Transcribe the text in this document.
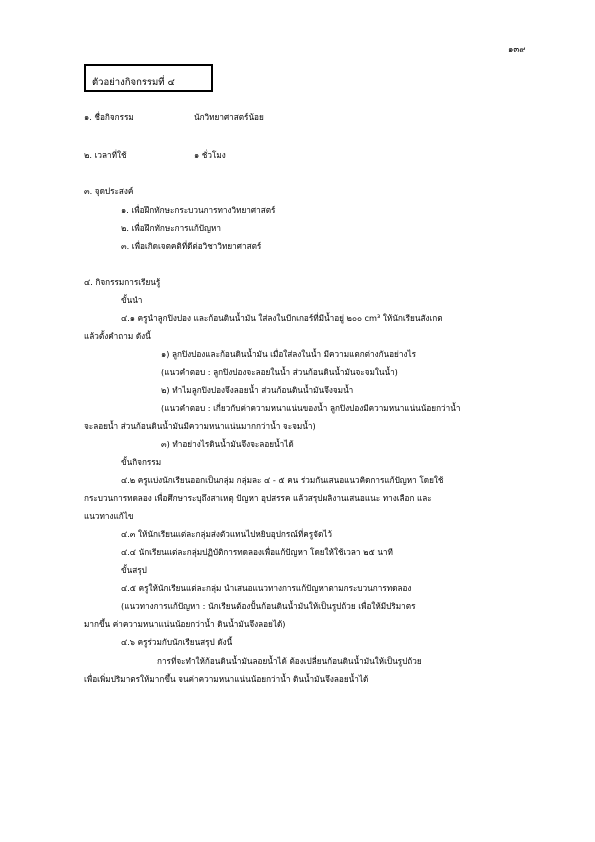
๑๓๙
ตัวอย่างกิจกรรมที่ ๔
๑. ชื่อกิจกรรม	นักวิทยาศาสตร์น้อย
๒. เวลาที่ใช้	๑ ชั่วโมง
๓. จุดประสงค์
๑. เพื่อฝึกทักษะกระบวนการทางวิทยาศาสตร์
๒. เพื่อฝึกทักษะการแก้ปัญหา
๓. เพื่อเกิดเจตคติที่ดีต่อวิชาวิทยาศาสตร์
๔. กิจกรรมการเรียนรู้
ขั้นนำ
๔.๑ ครูนำลูกปิงปอง และก้อนดินน้ำมัน ใส่ลงในบีกเกอร์ที่มีน้ำอยู่ ๒๐๐ cm³ ให้นักเรียนสังเกต
แล้วตั้งคำถาม ดังนี้
๑) ลูกปิงปองและก้อนดินน้ำมัน เมื่อใส่ลงในน้ำ มีความแตกต่างกันอย่างไร
(แนวคำตอบ : ลูกปิงปองจะลอยในน้ำ ส่วนก้อนดินน้ำมันจะจมในน้ำ)
๒) ทำไมลูกปิงปองจึงลอยน้ำ ส่วนก้อนดินน้ำมันจึงจมน้ำ
(แนวคำตอบ : เกี่ยวกับค่าความหนาแน่นของน้ำ ลูกปิงปองมีความหนาแน่นน้อยกว่าน้ำ
จะลอยน้ำ ส่วนก้อนดินน้ำมันมีความหนาแน่นมากกว่าน้ำ จะจมน้ำ)
๓) ทำอย่างไรดินน้ำมันจึงจะลอยน้ำได้
ขั้นกิจกรรม
๔.๒ ครูแบ่งนักเรียนออกเป็นกลุ่ม กลุ่มละ ๔ - ๕ คน ร่วมกันเสนอแนวคิดการแก้ปัญหา โดยใช้
กระบวนการทดลอง เพื่อศึกษาระบุถึงสาเหตุ ปัญหา อุปสรรค แล้วสรุปผลิงานเสนอแนะ ทางเลือก และ
แนวทางแก้ไข
๔.๓ ให้นักเรียนแต่ละกลุ่มส่งตัวแทนไปหยิบอุปกรณ์ที่ครูจัดไว้
๔.๔ นักเรียนแต่ละกลุ่มปฏิบัติการทดลองเพื่อแก้ปัญหา โดยให้ใช้เวลา ๒๕ นาที
ขั้นสรุป
๔.๕ ครูให้นักเรียนแต่ละกลุ่ม นำเสนอแนวทางการแก้ปัญหาตามกระบวนการทดลอง
(แนวทางการแก้ปัญหา : นักเรียนต้องปั้นก้อนดินน้ำมันให้เป็นรูปถ้วย เพื่อให้มีปริมาตร
มากขึ้น ค่าความหนาแน่นน้อยกว่าน้ำ ดินน้ำมันจึงลอยได้)
๔.๖ ครูร่วมกับนักเรียนสรุป ดังนี้
การที่จะทำให้ก้อนดินน้ำมันลอยน้ำได้ ต้องเปลี่ยนก้อนดินน้ำมันให้เป็นรูปถ้วย
เพื่อเพิ่มปริมาตรให้มากขึ้น จนค่าความหนาแน่นน้อยกว่าน้ำ ดินน้ำมันจึงลอยน้ำได้
